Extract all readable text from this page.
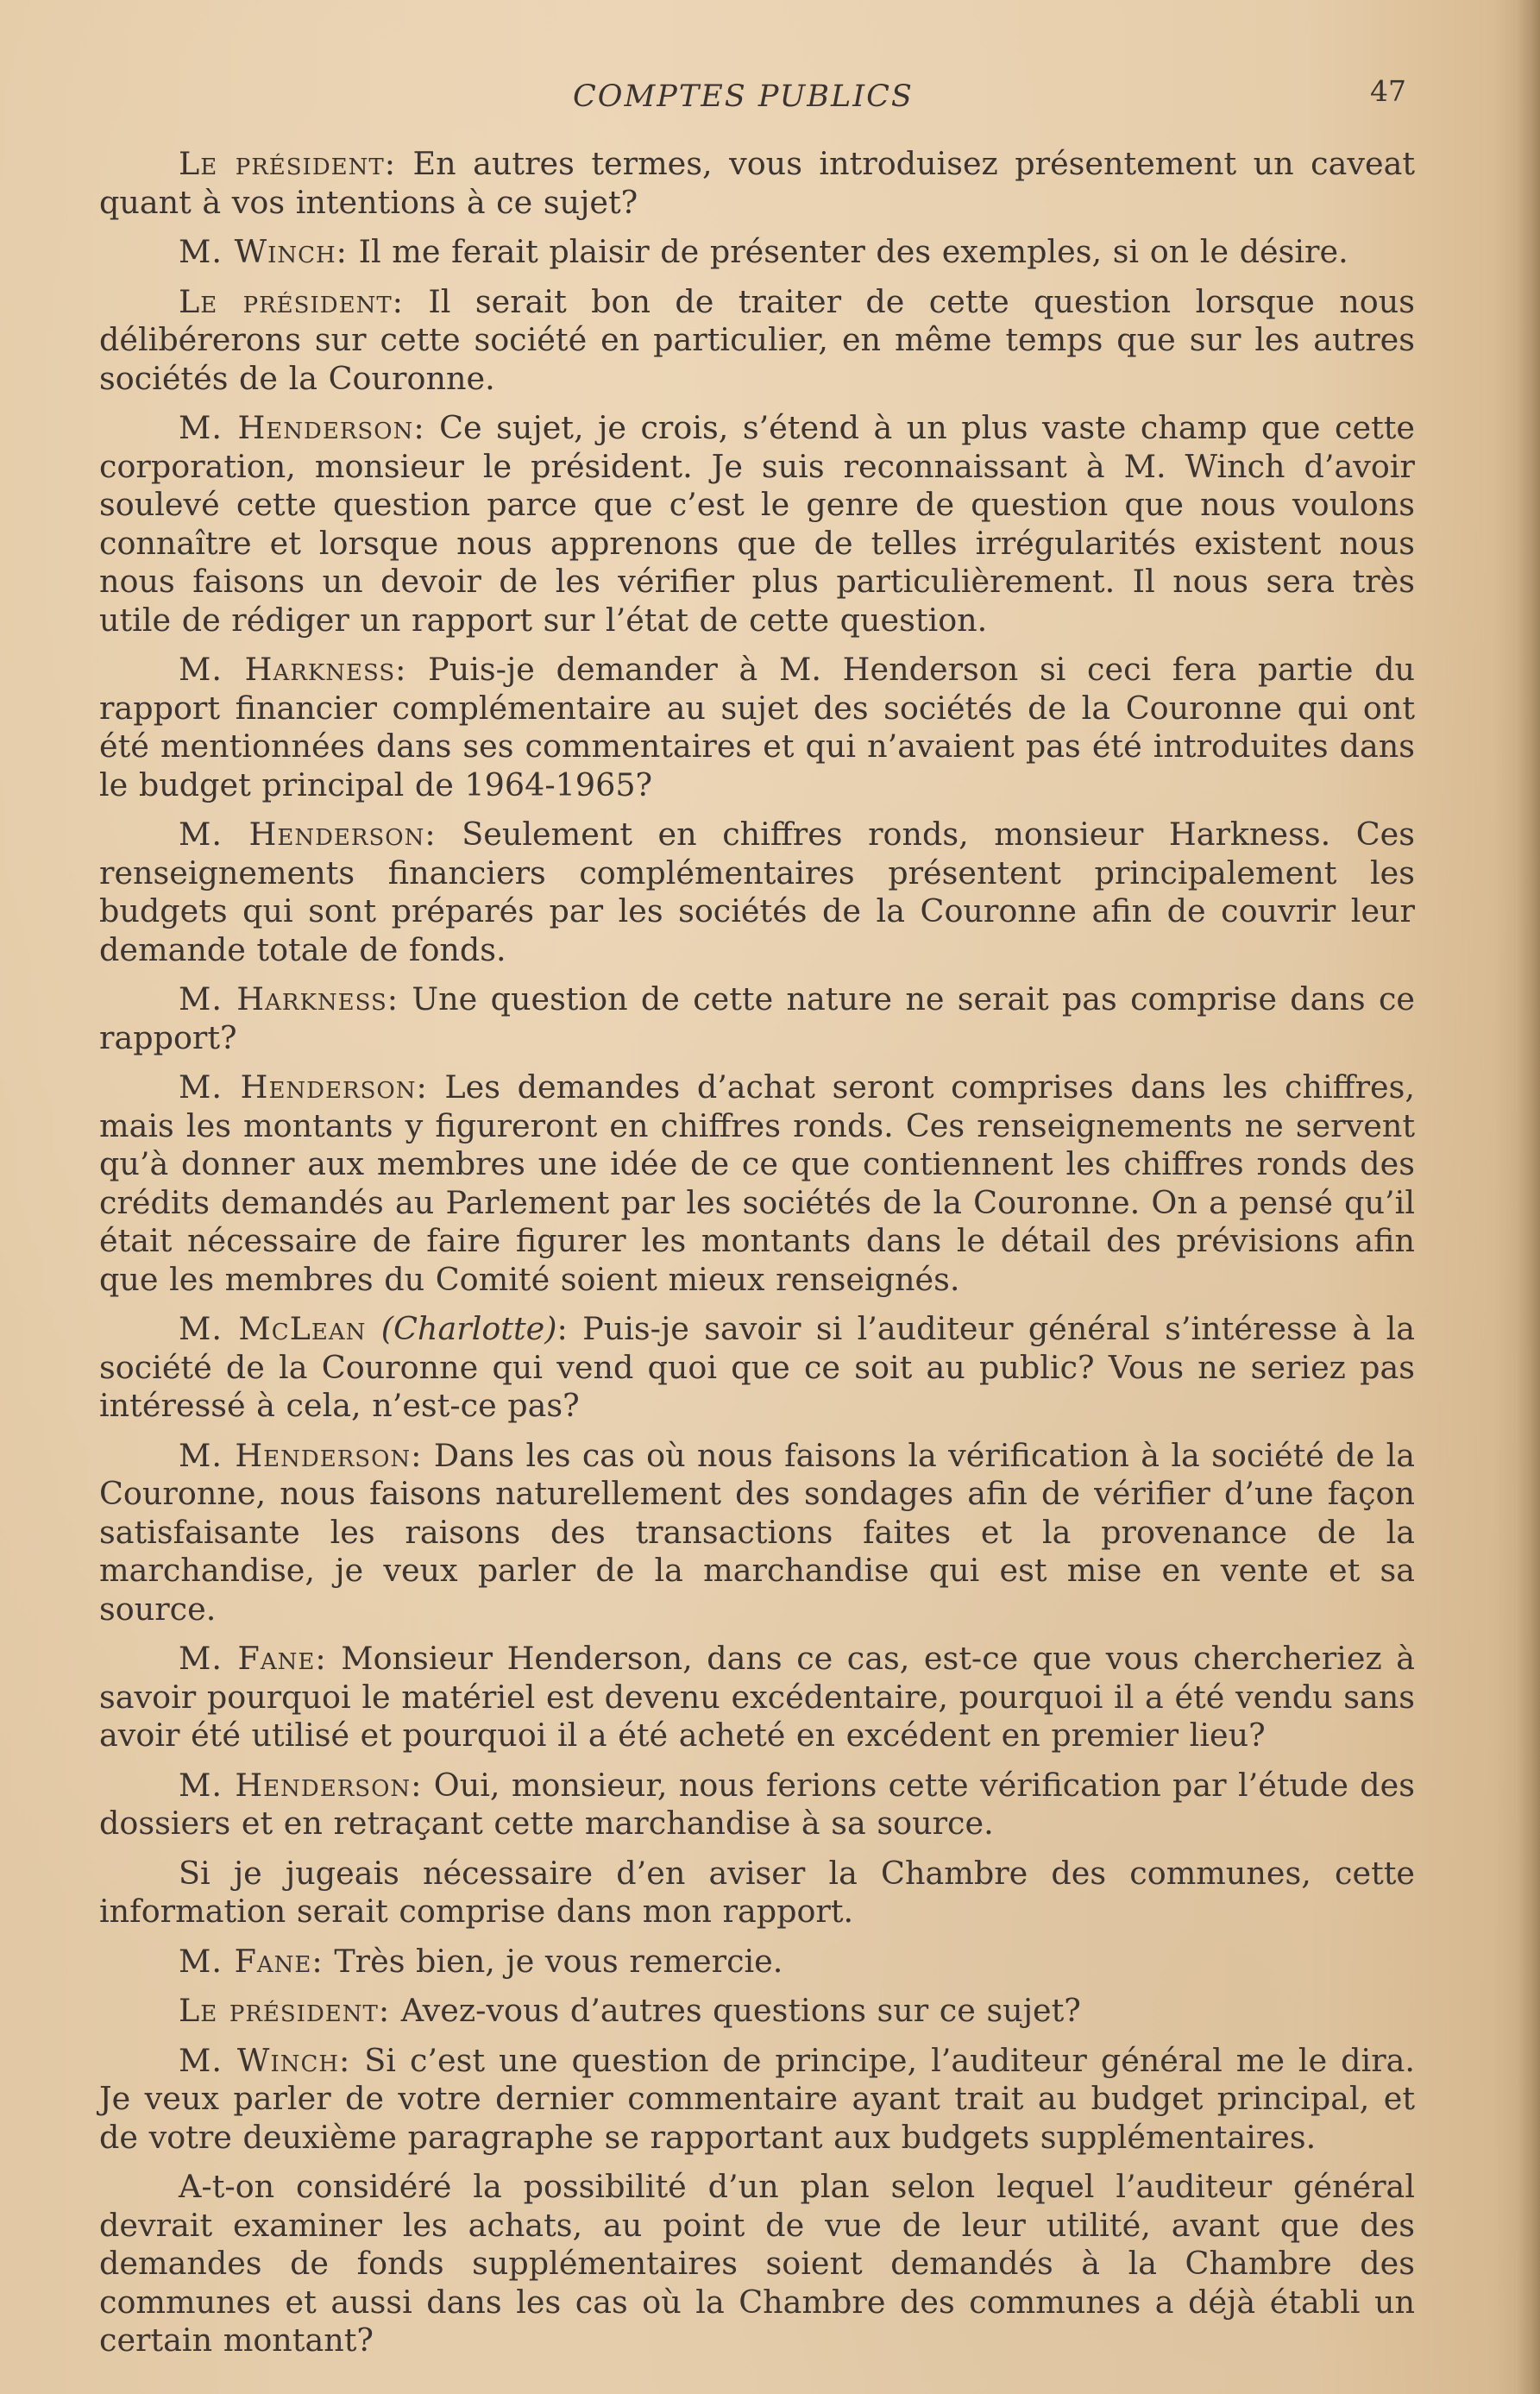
COMPTES PUBLICS	47

Le président: En autres termes, vous introduisez présentement un caveat quant à vos intentions à ce sujet?

M. Winch: Il me ferait plaisir de présenter des exemples, si on le désire.

Le président: Il serait bon de traiter de cette question lorsque nous délibérerons sur cette société en particulier, en même temps que sur les autres sociétés de la Couronne.

M. Henderson: Ce sujet, je crois, s’étend à un plus vaste champ que cette corporation, monsieur le président. Je suis reconnaissant à M. Winch d’avoir soulevé cette question parce que c’est le genre de question que nous voulons connaître et lorsque nous apprenons que de telles irrégularités existent nous nous faisons un devoir de les vérifier plus particulièrement. Il nous sera très utile de rédiger un rapport sur l’état de cette question.

M. Harkness: Puis-je demander à M. Henderson si ceci fera partie du rapport financier complémentaire au sujet des sociétés de la Couronne qui ont été mentionnées dans ses commentaires et qui n’avaient pas été introduites dans le budget principal de 1964-1965?

M. Henderson: Seulement en chiffres ronds, monsieur Harkness. Ces renseignements financiers complémentaires présentent principalement les budgets qui sont préparés par les sociétés de la Couronne afin de couvrir leur demande totale de fonds.

M. Harkness: Une question de cette nature ne serait pas comprise dans ce rapport?

M. Henderson: Les demandes d’achat seront comprises dans les chiffres, mais les montants y figureront en chiffres ronds. Ces renseignements ne servent qu’à donner aux membres une idée de ce que contiennent les chiffres ronds des crédits demandés au Parlement par les sociétés de la Couronne. On a pensé qu’il était nécessaire de faire figurer les montants dans le détail des prévisions afin que les membres du Comité soient mieux renseignés.

M. McLean (Charlotte): Puis-je savoir si l’auditeur général s’intéresse à la société de la Couronne qui vend quoi que ce soit au public? Vous ne seriez pas intéressé à cela, n’est-ce pas?

M. Henderson: Dans les cas où nous faisons la vérification à la société de la Couronne, nous faisons naturellement des sondages afin de vérifier d’une façon satisfaisante les raisons des transactions faites et la provenance de la marchandise, je veux parler de la marchandise qui est mise en vente et sa source.

M. Fane: Monsieur Henderson, dans ce cas, est-ce que vous chercheriez à savoir pourquoi le matériel est devenu excédentaire, pourquoi il a été vendu sans avoir été utilisé et pourquoi il a été acheté en excédent en premier lieu?

M. Henderson: Oui, monsieur, nous ferions cette vérification par l’étude des dossiers et en retraçant cette marchandise à sa source.

Si je jugeais nécessaire d’en aviser la Chambre des communes, cette information serait comprise dans mon rapport.

M. Fane: Très bien, je vous remercie.

Le président: Avez-vous d’autres questions sur ce sujet?

M. Winch: Si c’est une question de principe, l’auditeur général me le dira. Je veux parler de votre dernier commentaire ayant trait au budget principal, et de votre deuxième paragraphe se rapportant aux budgets supplémentaires.

A-t-on considéré la possibilité d’un plan selon lequel l’auditeur général devrait examiner les achats, au point de vue de leur utilité, avant que des demandes de fonds supplémentaires soient demandés à la Chambre des communes et aussi dans les cas où la Chambre des communes a déjà établi un certain montant?
